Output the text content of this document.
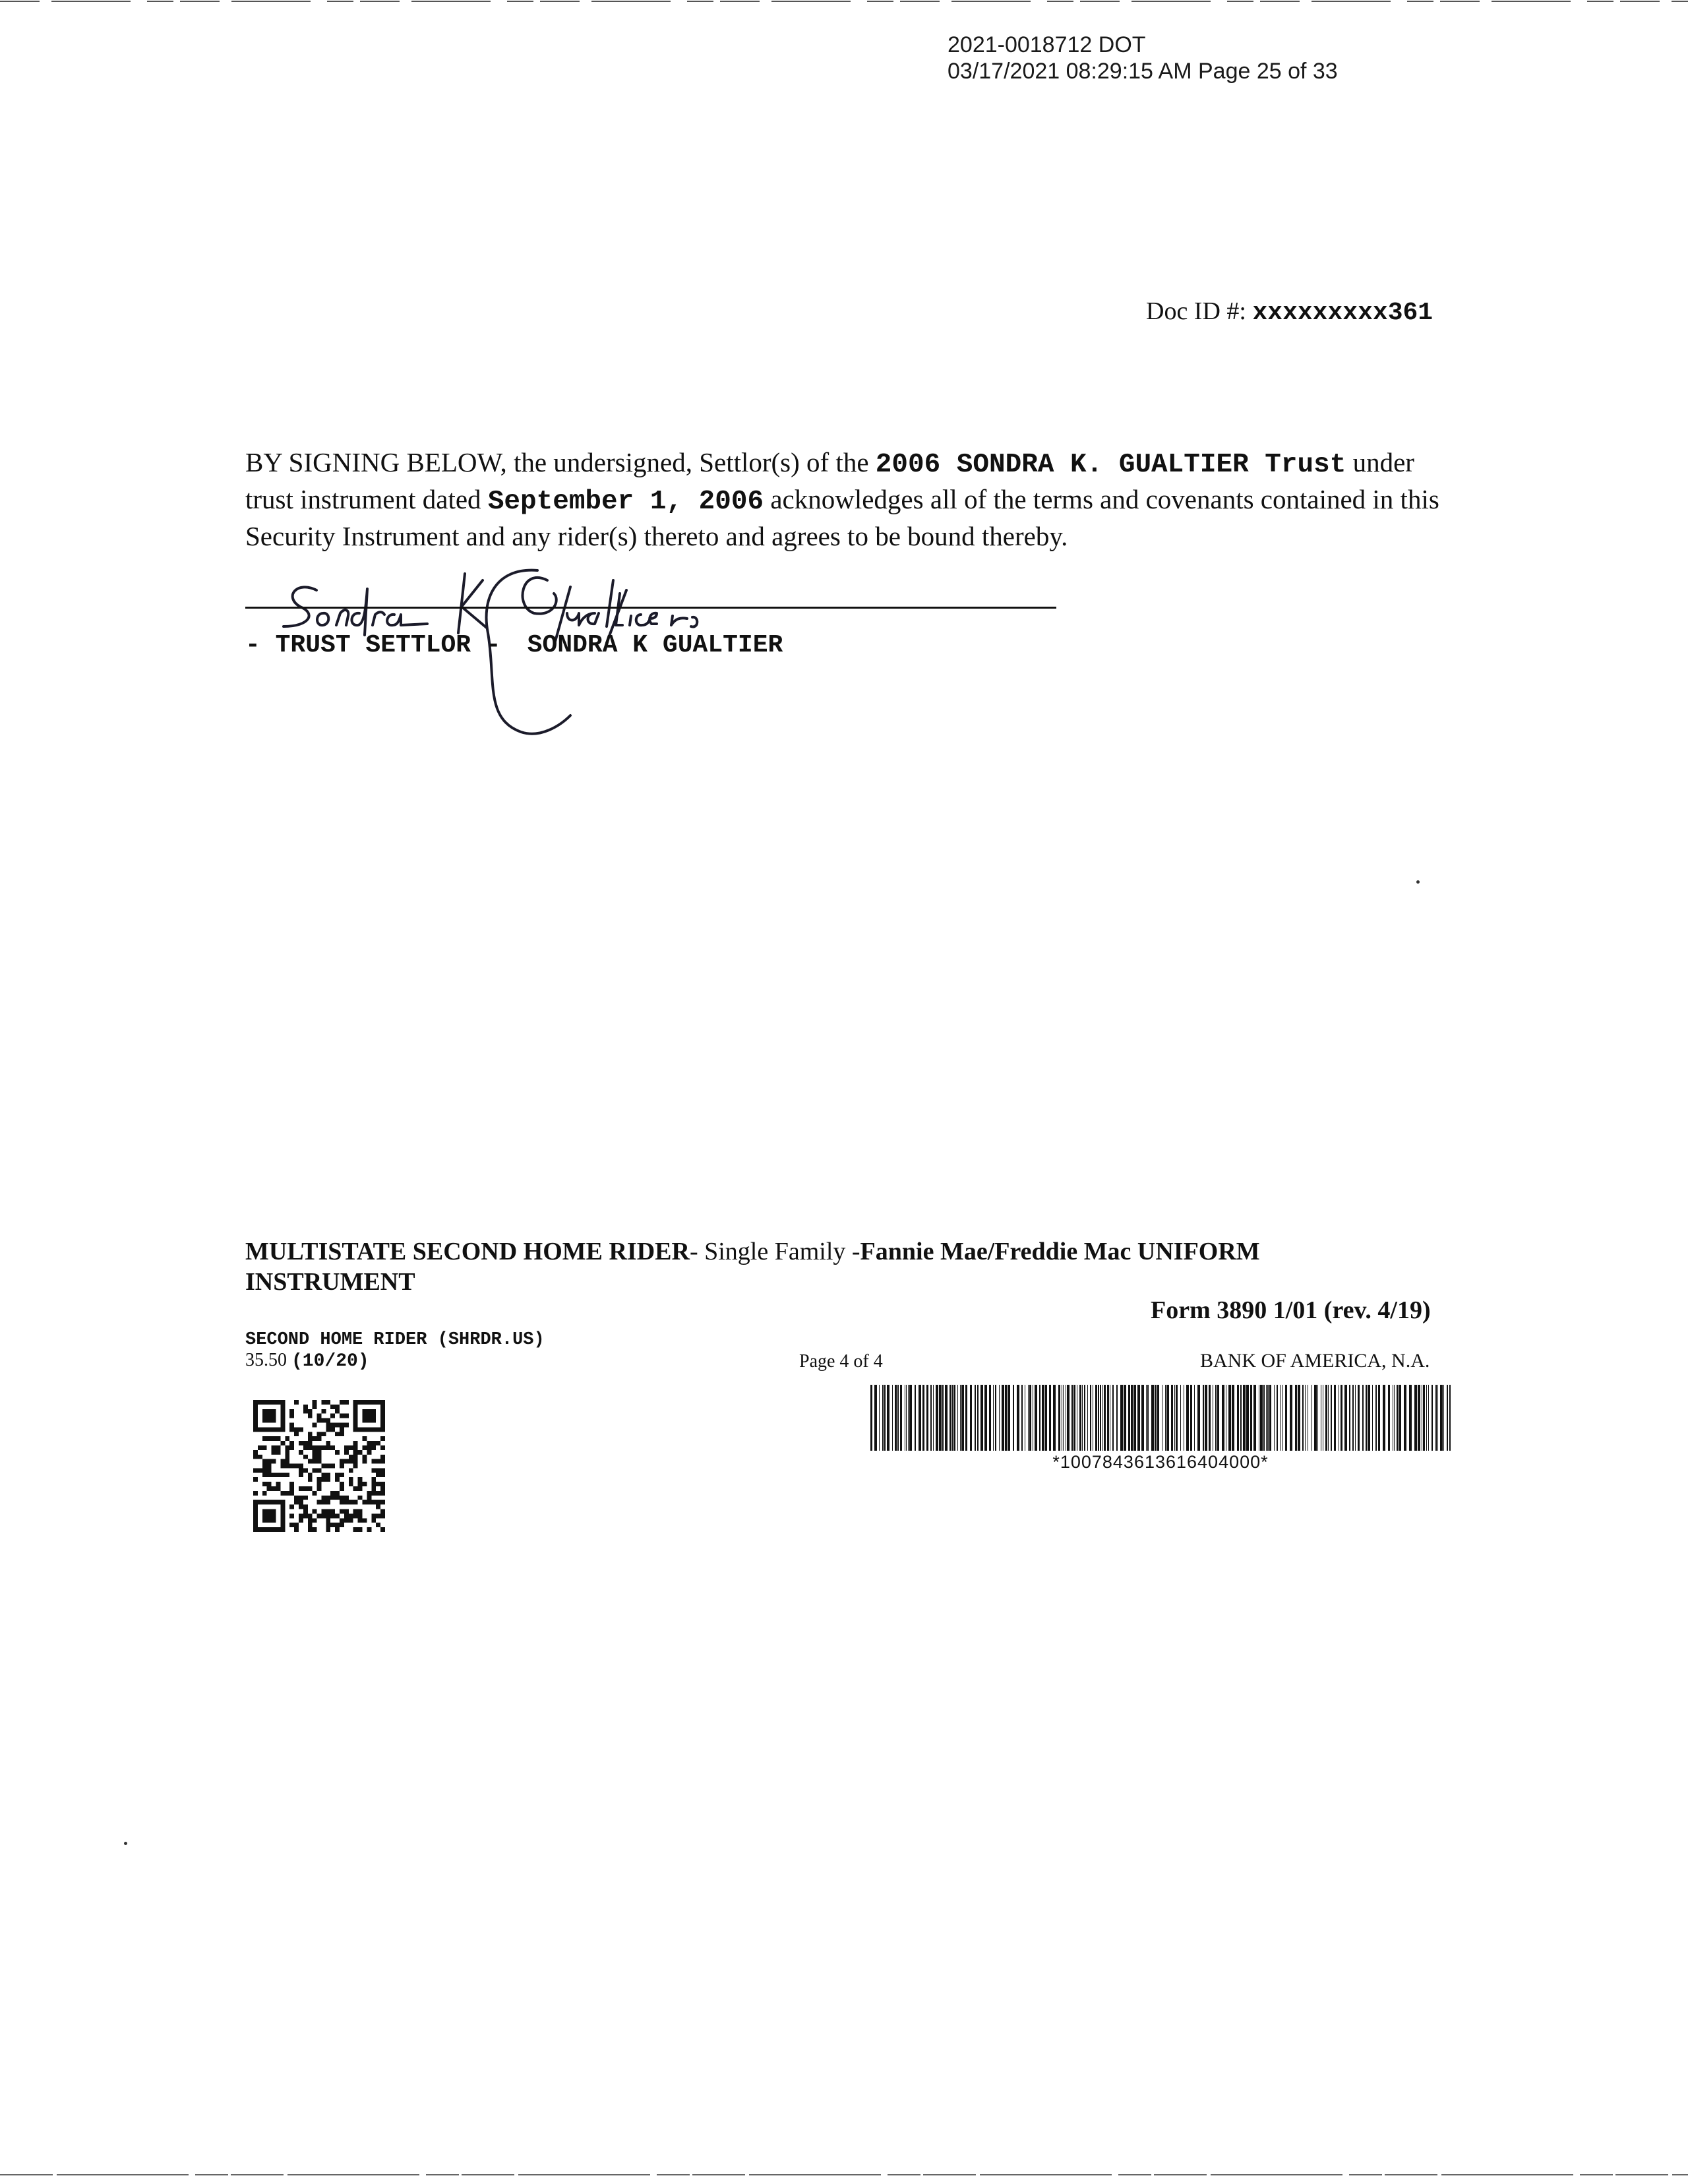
2021-0018712 DOT
03/17/2021 08:29:15 AM Page 25 of 33
Doc ID #: xxxxxxxxx361
BY SIGNING BELOW, the undersigned, Settlor(s) of the 2006 SONDRA K. GUALTIER Trust under trust instrument dated September 1, 2006 acknowledges all of the terms and covenants contained in this Security Instrument and any rider(s) thereto and agrees to be bound thereby.
- TRUST SETTLOR - SONDRA K GUALTIER
MULTISTATE SECOND HOME RIDER- Single Family -Fannie Mae/Freddie Mac UNIFORM INSTRUMENT
Form 3890 1/01 (rev. 4/19)
SECOND HOME RIDER (SHRDR.US)
35.50 (10/20)	Page 4 of 4	BANK OF AMERICA, N.A.
*1007843613616404000*
